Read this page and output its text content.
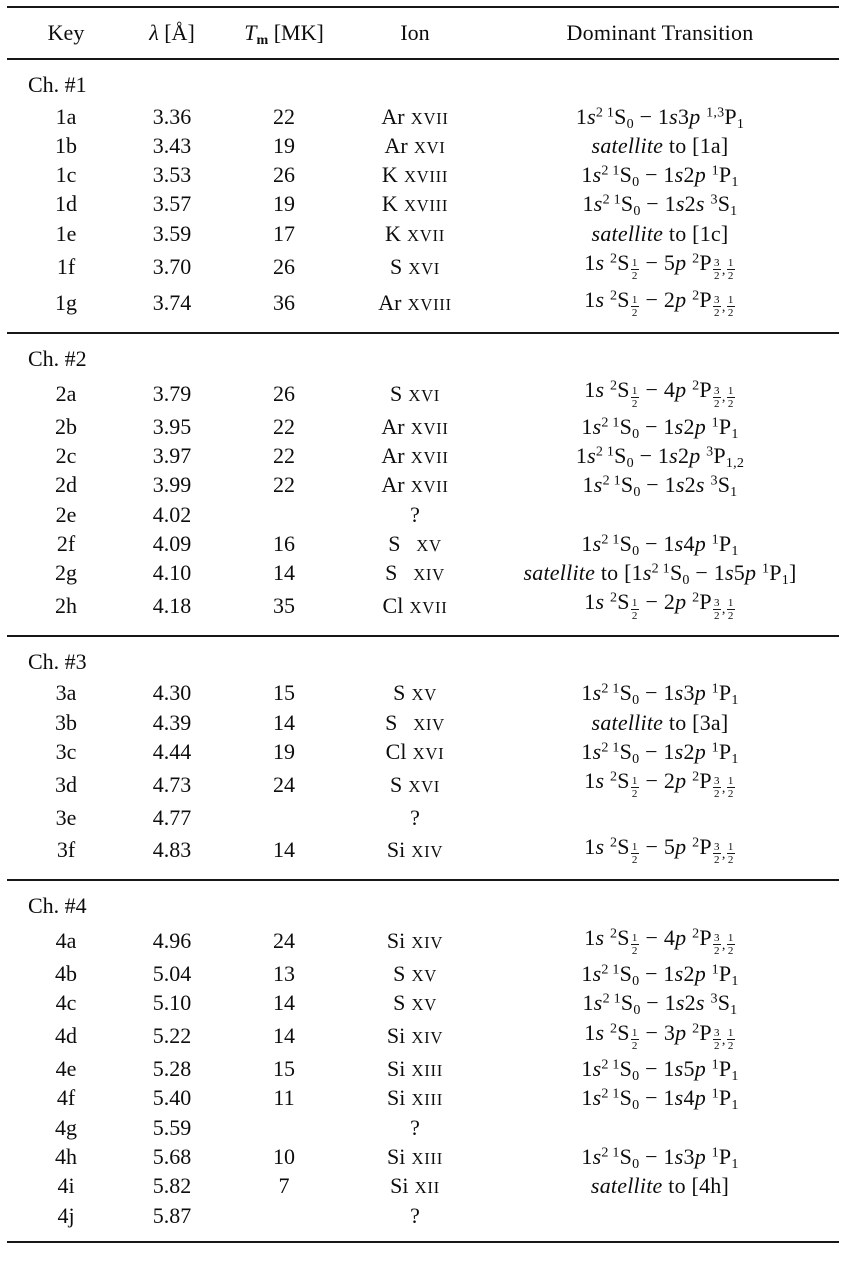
Key	λ [Å]	$T_m$ [MK]	Ion	Dominant Transition
Ch. #1				
1a	3.36	22	Ar XVII	$1s^{2 1}S_0 - 1s3p$ $^{1,3}P_1$
1b	3.43	19	Ar XVI	satellite to [1a]
1c	3.53	26	K XVIII	$1s^{2 1}S_0 - 1s2p$ $^1P_1$
1d	3.57	19	K XVIII	$1s^{2 1}S_0 - 1s2s$ $^3S_1$
1e	3.59	17	K XVII	satellite to [1c]
1f	3.70	26	S XVI	1s $^2S \frac{1}{2} - 5p$ $^2P \frac{3}{2} _, \frac{1}{2}$

1g	3.74	36	Ar XVIII	1s $^2S \frac{1}{2} - 2p$ $^2P \frac{3}{2} _, \frac{1}{2}$

Ch. #2				
2a	3.79	26	S XVI	1s $^2S \frac{1}{2} - 4p$ $^2P \frac{3}{2} _, \frac{1}{2}$

2b	3.95	22	Ar XVII	$1s^{2 1}S_0 - 1s2p$ $^1P_1$
2c	3.97	22	Ar XVII	$1s^{2 1}S_0 - 1s2p$ $^3P_{1,2}$
2d	3.99	22	Ar XVII	$1s^{2 1}S_0 - 1s2s$ $^3S_1$
2e	4.02		?	
2f	4.09	16	S XV	$1s^{2 1}S_0 - 1s4p$ $^1P_1$
2g	4.10	14	S XIV	satellite to [$1s^{2 1}S_0 - 1s5p$ $^1P_1$]
2h	4.18	35	Cl XVII	1s $^2S \frac{1}{2} - 2p$ $^2P \frac{3}{2} _, \frac{1}{2}$

Ch. #3				
3a	4.30	15	S XV	$1s^{2 1}S_0 - 1s3p$ $^1P_1$
3b	4.39	14	S XIV	satellite to [3a]
3c	4.44	19	Cl XVI	$1s^{2 1}S_0 - 1s2p$ $^1P_1$
3d	4.73	24	S XVI	1s $^2S \frac{1}{2} - 2p$ $^2P \frac{3}{2} _, \frac{1}{2}$

3e	4.77		?	
3f	4.83	14	Si XIV	1s $^2S \frac{1}{2} - 5p$ $^2P \frac{3}{2} _, \frac{1}{2}$

Ch. #4				
4a	4.96	24	Si XIV	1s $^2S \frac{1}{2} - 4p$ $^2P \frac{3}{2} _, \frac{1}{2}$

4b	5.04	13	S XV	$1s^{2 1}S_0 - 1s2p$ $^1P_1$
4c	5.10	14	S XV	$1s^{2 1}S_0 - 1s2s$ $^3S_1$
4d	5.22	14	Si XIV	1s $^2S \frac{1}{2} - 3p$ $^2P \frac{3}{2} _, \frac{1}{2}$

4e	5.28	15	Si XIII	$1s^{2 1}S_0 - 1s5p$ $^1P_1$
4f	5.40	11	Si XIII	$1s^{2 1}S_0 - 1s4p$ $^1P_1$
4g	5.59		?	
4h	5.68	10	Si XIII	$1s^{2 1}S_0 - 1s3p$ $^1P_1$
4i	5.82	7	Si XII	satellite to [4h]
4j	5.87		?	
